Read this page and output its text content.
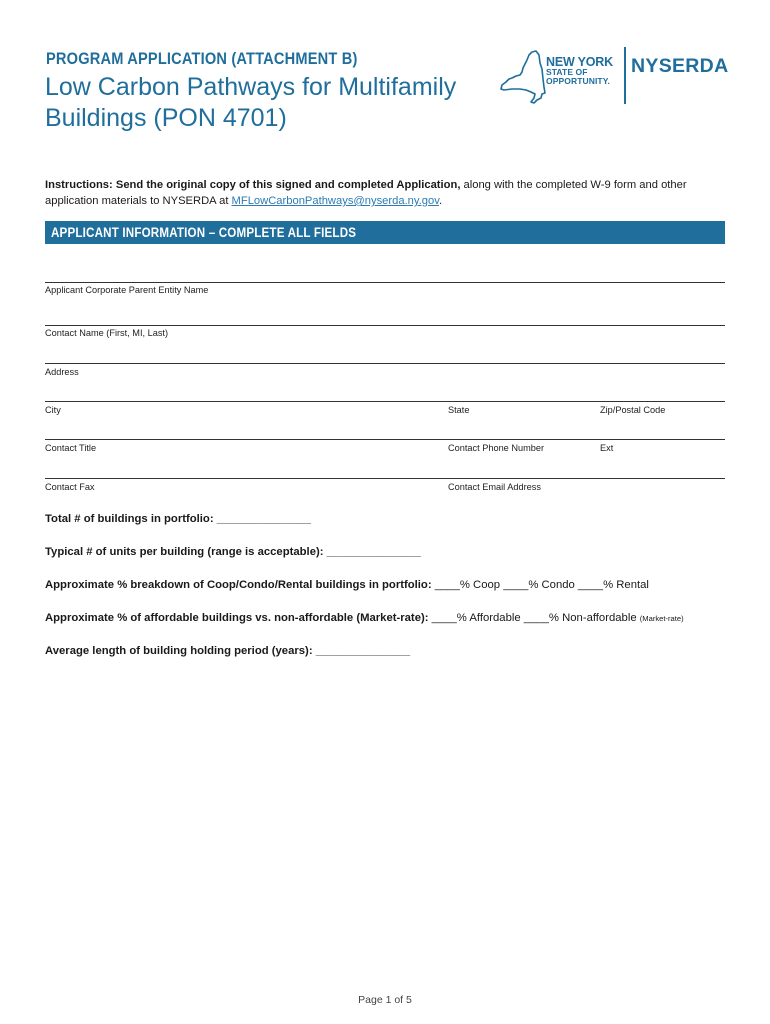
PROGRAM APPLICATION (ATTACHMENT B)
Low Carbon Pathways for Multifamily Buildings (PON 4701)
NEW YORK
STATE OF
OPPORTUNITY.
NYSERDA
Instructions: Send the original copy of this signed and completed Application, along with the completed W-9 form and other application materials to NYSERDA at MFLowCarbonPathways@nyserda.ny.gov.
APPLICANT INFORMATION – COMPLETE ALL FIELDS
Applicant Corporate Parent Entity Name
Contact Name (First, MI, Last)
Address
City	State	Zip/Postal Code
Contact Title	Contact Phone Number	Ext
Contact Fax	Contact Email Address
Total # of buildings in portfolio: _______________
Typical # of units per building (range is acceptable): _______________
Approximate % breakdown of Coop/Condo/Rental buildings in portfolio: ____% Coop ____% Condo ____% Rental
Approximate % of affordable buildings vs. non-affordable (Market-rate): ____% Affordable ____% Non-affordable (Market-rate)
Average length of building holding period (years): _______________
Page 1 of 5
